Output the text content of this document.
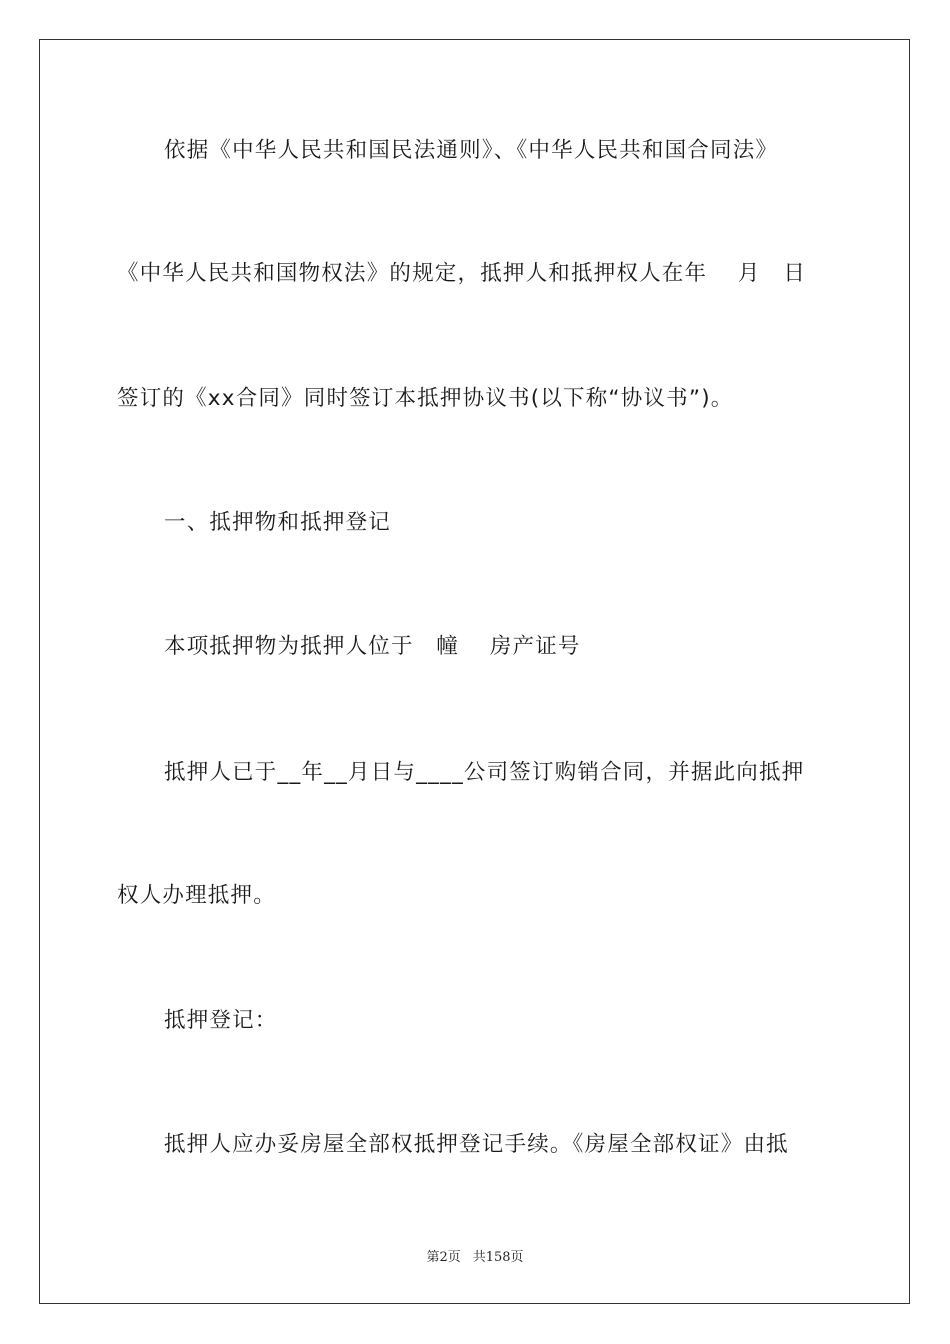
依据《中华人民共和国民法通则》、《中华人民共和国合同法》
《中华人民共和国物权法》的规定，抵押人和抵押权人在年　 月　日
签订的《xx合同》同时签订本抵押协议书(以下称“协议书”)。
一、抵押物和抵押登记
本项抵押物为抵押人位于　幢　 房产证号
抵押人已于__年__月日与____公司签订购销合同，并据此向抵押
权人办理抵押。
抵押登记：
抵押人应办妥房屋全部权抵押登记手续。《房屋全部权证》由抵
第2页 共158页
